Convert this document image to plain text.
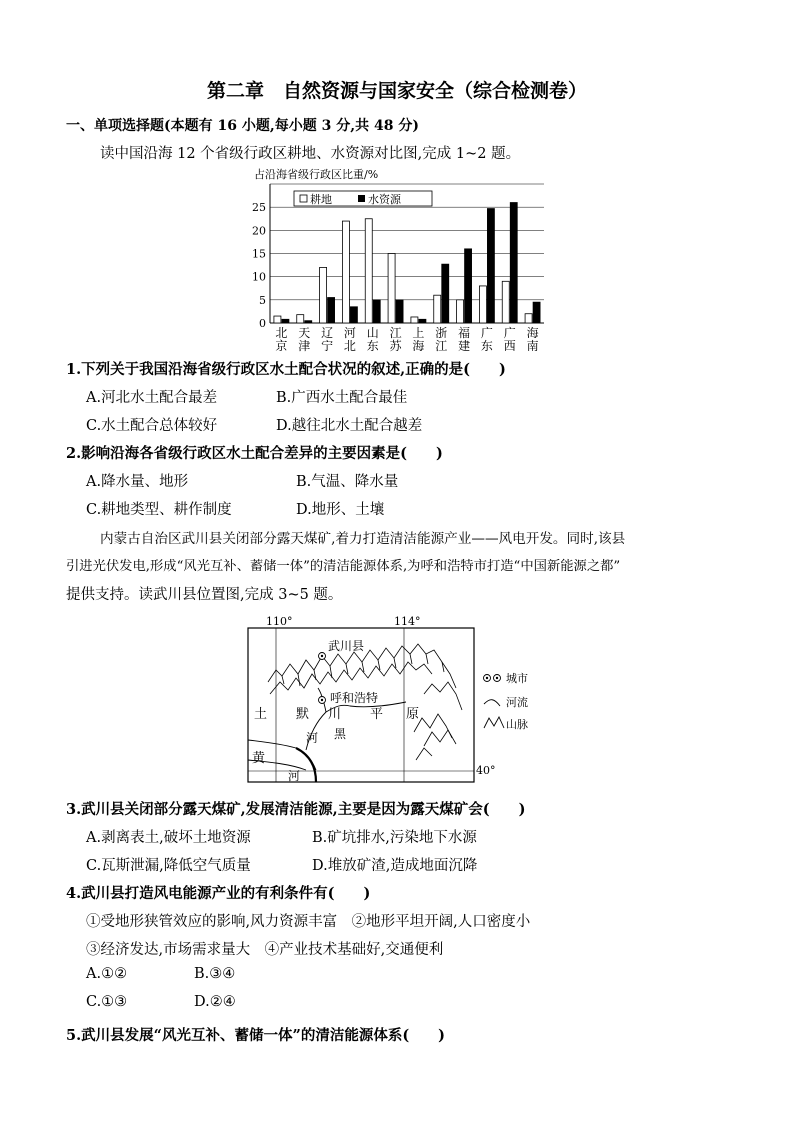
第二章　自然资源与国家安全（综合检测卷）
一、单项选择题(本题有 16 小题,每小题 3 分,共 48 分)
读中国沿海 12 个省级行政区耕地、水资源对比图,完成 1~2 题。
占沿海省级行政区比重/%
0
5
10
15
20
25
北
京
天
津
辽
宁
河
北
山
东
江
苏
上
海
浙
江
福
建
广
东
广
西
海
南
耕地	水资源
1.下列关于我国沿海省级行政区水土配合状况的叙述,正确的是(　　)
A.河北水土配合最差	B.广西水土配合最佳
C.水土配合总体较好	D.越往北水土配合越差
2.影响沿海各省级行政区水土配合差异的主要因素是(　　)
A.降水量、地形	B.气温、降水量
C.耕地类型、耕作制度	D.地形、土壤
内蒙古自治区武川县关闭部分露天煤矿,着力打造清洁能源产业——风电开发。同时,该县
引进光伏发电,形成“风光互补、蓄储一体”的清洁能源体系,为呼和浩特市打造“中国新能源之都”
提供支持。读武川县位置图,完成 3~5 题。
110°	114°
40°
武川县
呼和浩特
土 默 川 平 原
河 黑
黄
河
城市
河流
山脉
3.武川县关闭部分露天煤矿,发展清洁能源,主要是因为露天煤矿会(　　)
A.剥离表土,破坏土地资源	B.矿坑排水,污染地下水源
C.瓦斯泄漏,降低空气质量	D.堆放矿渣,造成地面沉降
4.武川县打造风电能源产业的有利条件有(　　)
①受地形狭管效应的影响,风力资源丰富　②地形平坦开阔,人口密度小
③经济发达,市场需求量大　④产业技术基础好,交通便利
A.①②	B.③④
C.①③	D.②④
5.武川县发展“风光互补、蓄储一体”的清洁能源体系(　　)
